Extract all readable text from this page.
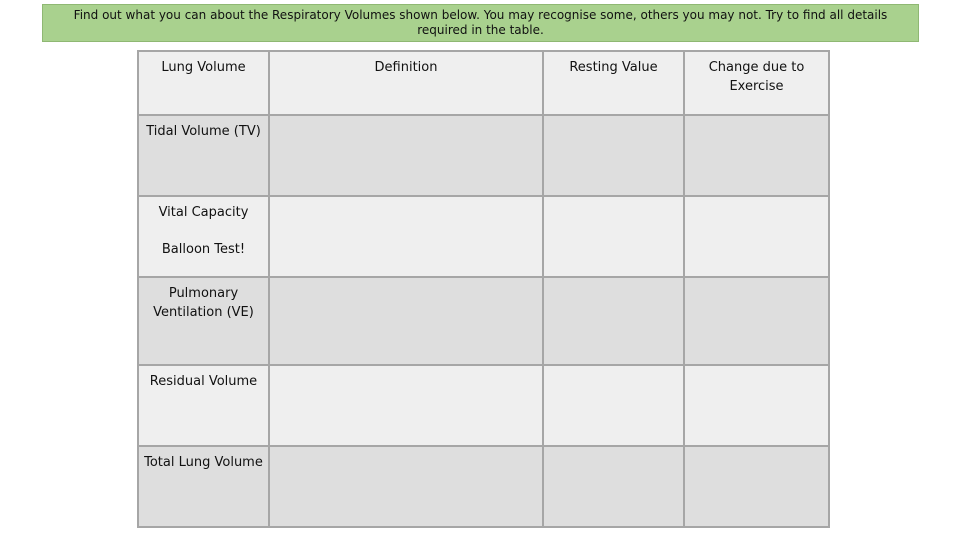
Find out what you can about the Respiratory Volumes shown below. You may recognise some, others you may not. Try to find all details required in the table.
Lung Volume	Definition	Resting Value	Change due to Exercise
Tidal Volume (TV)			
Vital Capacity
Balloon Test!			

Pulmonary Ventilation (VE)			
Residual Volume			
Total Lung Volume			
